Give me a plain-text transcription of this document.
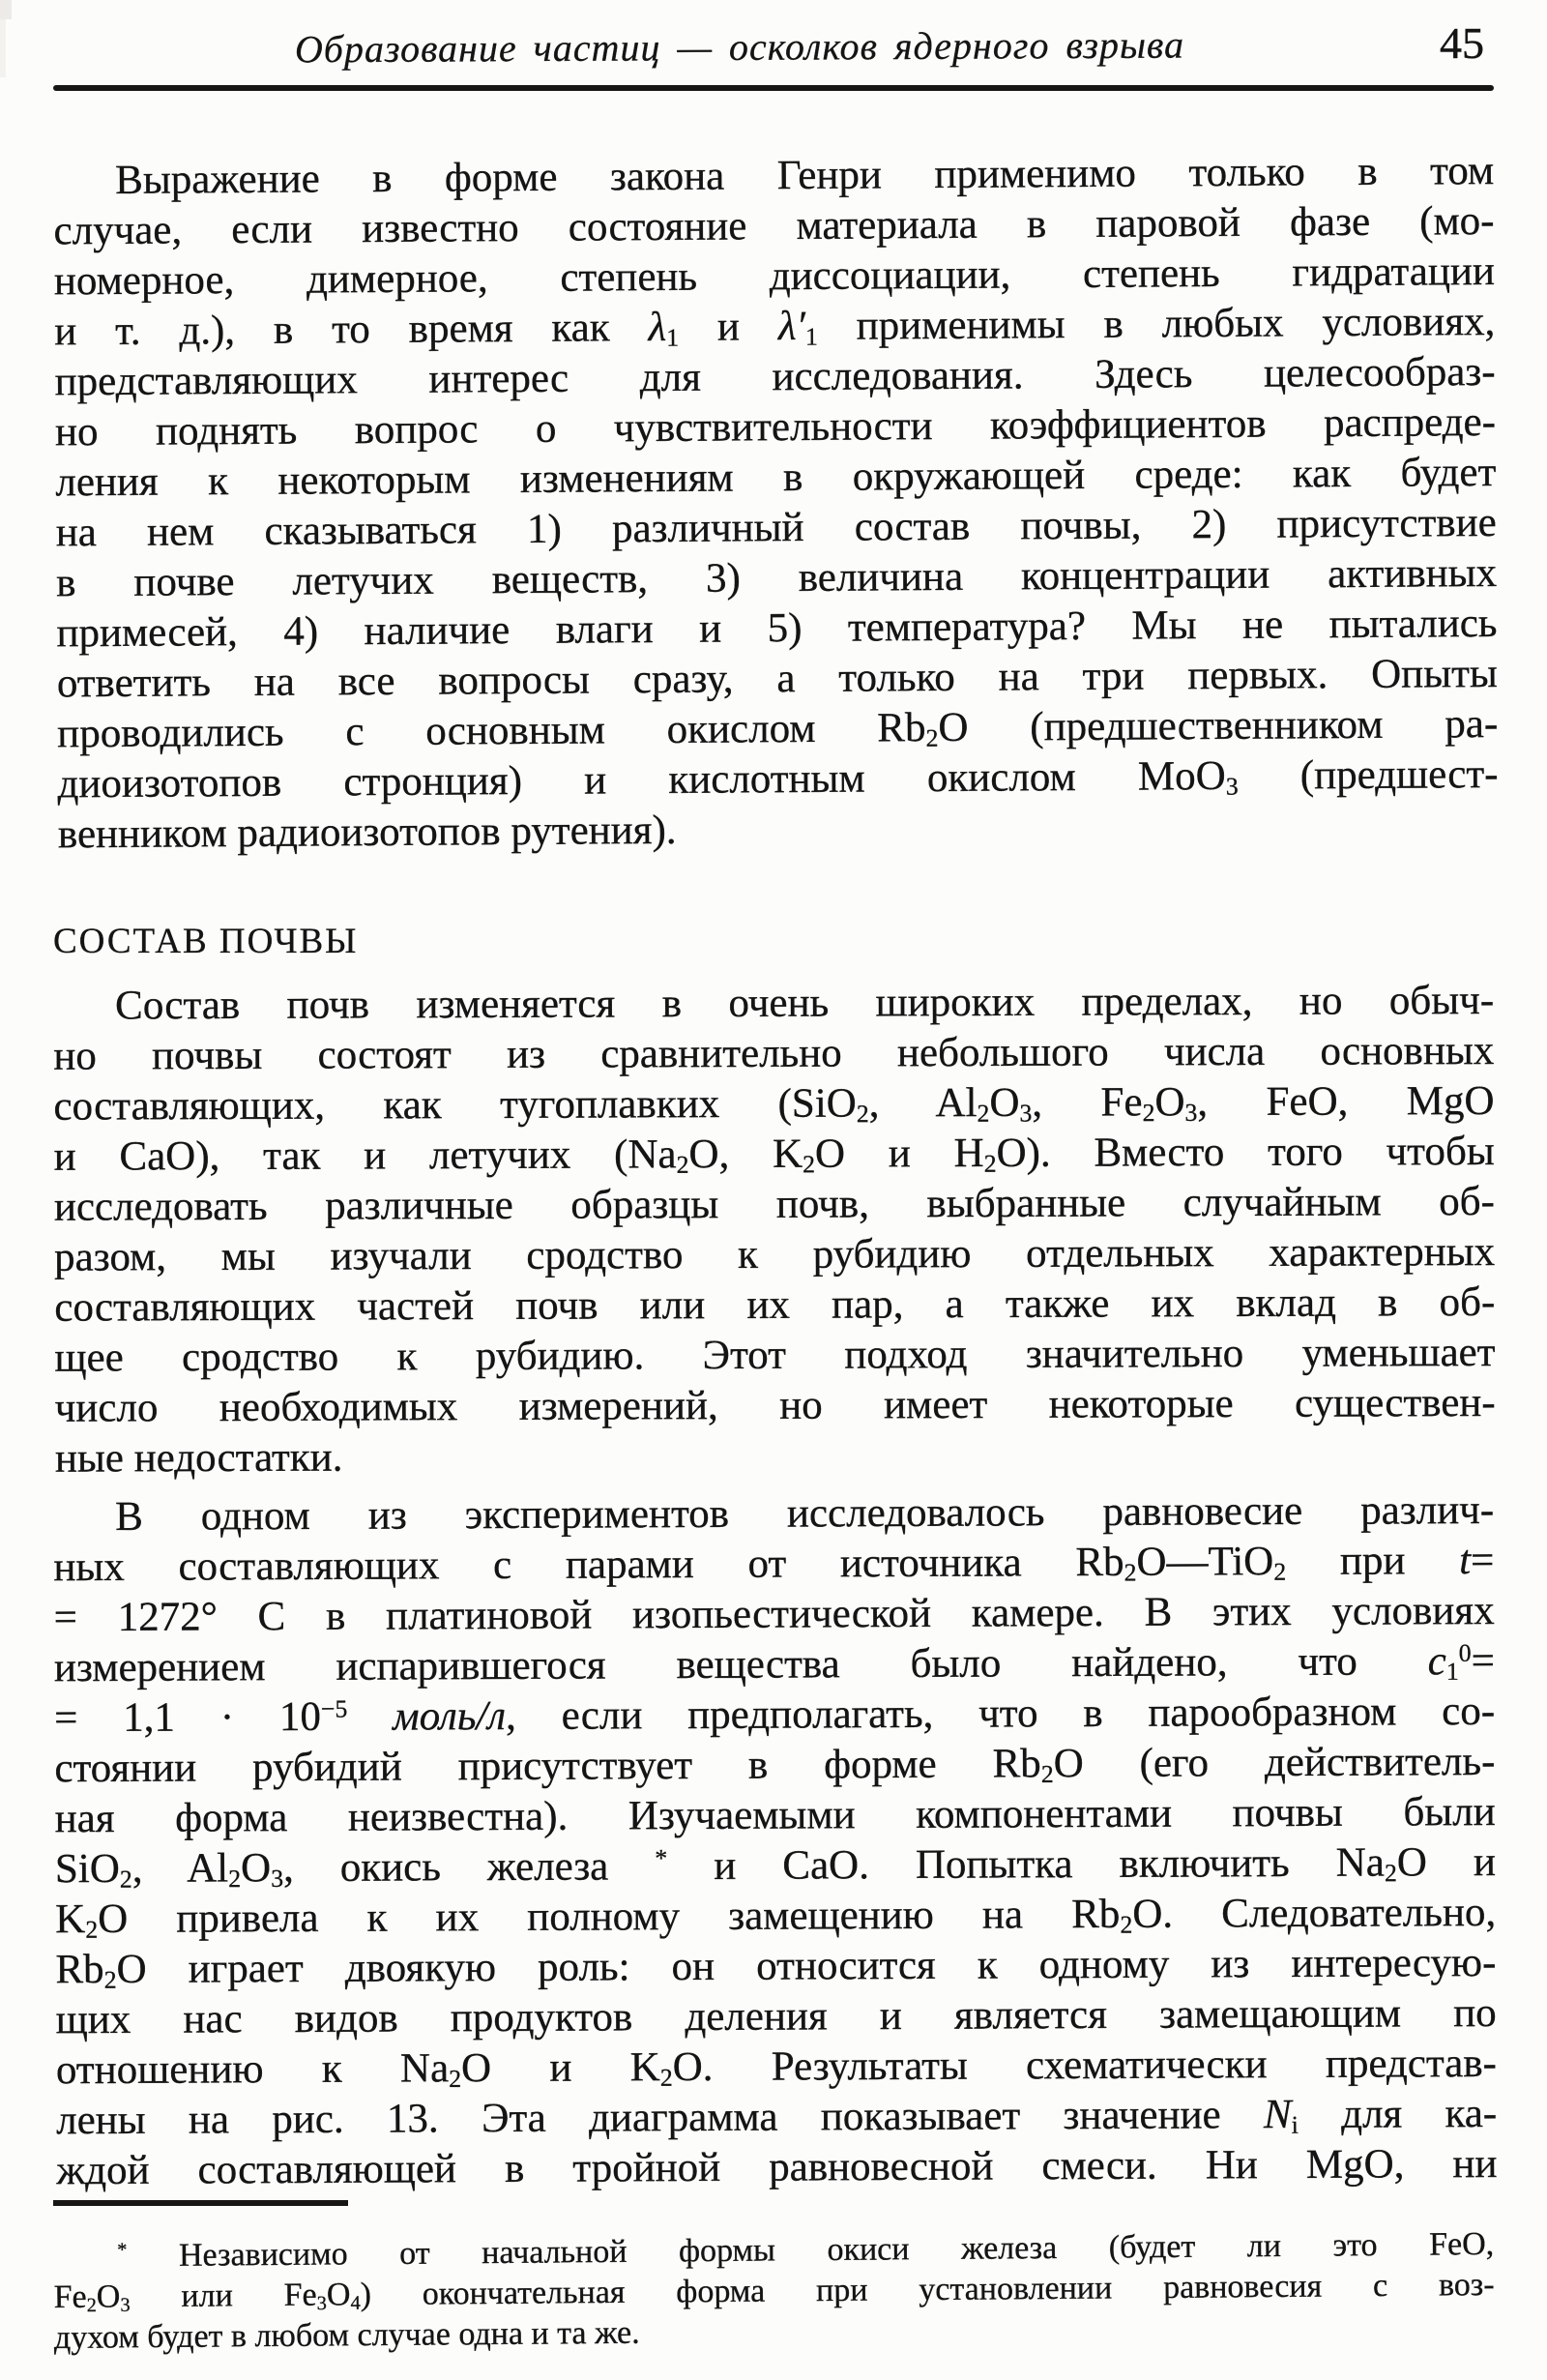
Образование частиц — осколков ядерного взрыва	45
Выражение в форме закона Генри применимо только в том
случае, если известно состояние материала в паровой фазе (мо-
номерное, димерное, степень диссоциации, степень гидратации
и т. д.), в то время как $\lambda_1$ и $\lambda'_1$ применимы в любых условиях,
представляющих интерес для исследования. Здесь целесообраз-
но поднять вопрос о чувствительности коэффициентов распреде-
ления к некоторым изменениям в окружающей среде: как будет
на нем сказываться 1) различный состав почвы, 2) присутствие
в почве летучих веществ, 3) величина концентрации активных
примесей, 4) наличие влаги и 5) температура? Мы не пытались
ответить на все вопросы сразу, а только на три первых. Опыты
проводились с основным окислом $Rb_2O$ (предшественником ра-
диоизотопов стронция) и кислотным окислом MoO$_3$ (предшест-
венником радиоизотопов рутения).
СОСТАВ ПОЧВЫ
Состав почв изменяется в очень широких пределах, но обыч-
но почвы состоят из сравнительно небольшого числа основных
составляющих, как тугоплавких (SiO$_2$, $Al_2O_3$, $Fe_2O_3$, FeO, MgO
и CaO), так и летучих ($Na_2O$, $K_2O$ и $H_2O$). Вместо того чтобы
исследовать различные образцы почв, выбранные случайным об-
разом, мы изучали сродство к рубидию отдельных характерных
составляющих частей почв или их пар, а также их вклад в об-
щее сродство к рубидию. Этот подход значительно уменьшает
число необходимых измерений, но имеет некоторые существен-
ные недостатки.
В одном из экспериментов исследовалось равновесие различ-
ных составляющих с парами от источника $Rb_2O—TiO_2$ при t=
= 1272° C в платиновой изопьестической камере. В этих условиях
измерением испарившегося вещества было найдено, что $c_1^0=$
= $1,1 \cdot 10^{-5}$ моль/л, если предполагать, что в парообразном со-
стоянии рубидий присутствует в форме $Rb_2O$ (его действитель-
ная форма неизвестна). Изучаемыми компонентами почвы были
SiO$_2$, $Al_2O_3$, окись железа * и CaO. Попытка включить $Na_2O$ и
$K_2O$ привела к их полному замещению на $Rb_2O$. Следовательно,
$Rb_2O$ играет двоякую роль: он относится к одному из интересую-
щих нас видов продуктов деления и является замещающим по
отношению к $Na_2O$ и $K_2O$. Результаты схематически представ-
лены на рис. 13. Эта диаграмма показывает значение $N_i$ для ка-
ждой составляющей в тройной равновесной смеси. Ни MgO, ни
* Независимо от начальной формы окиси железа (будет ли это FeO,
$Fe_2O_3$ или $Fe_3O_4$) окончательная форма при установлении равновесия с воз-
духом будет в любом случае одна и та же.
